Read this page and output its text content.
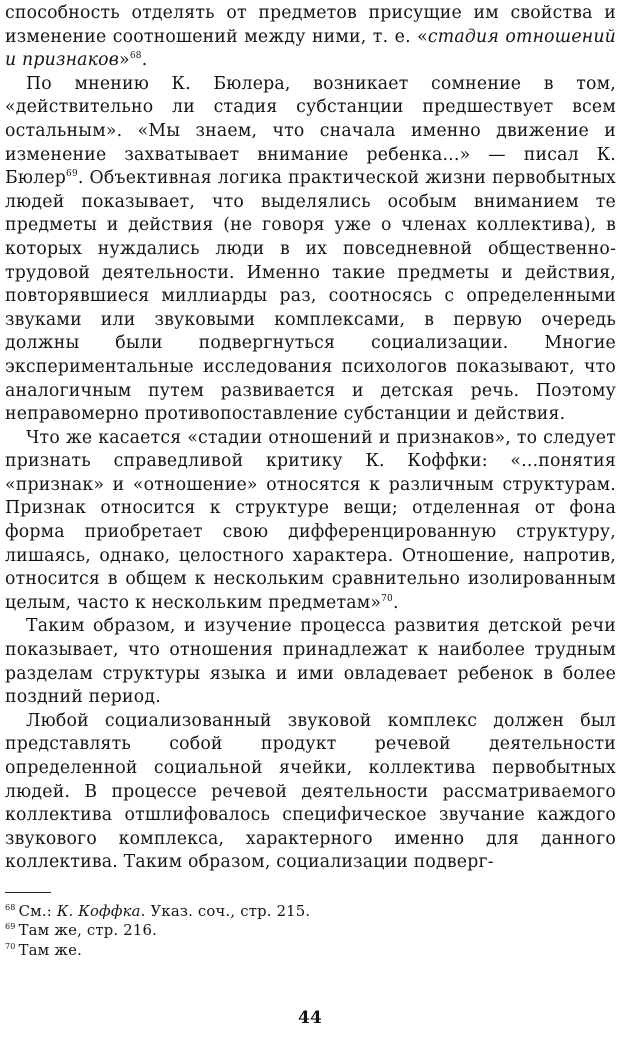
способность отделять от предметов присущие им свойства и изменение соотношений между ними, т. е. «стадия отношений и признаков»$^{68}$.

По мнению К. Бюлера, возникает сомнение в том, «действительно ли стадия субстанции предшествует всем остальным». «Мы знаем, что сначала именно движение и изменение захватывает внимание ребенка...» — писал К. Бюлер$^{69}$. Объективная логика практической жизни первобытных людей показывает, что выделялись особым вниманием те предметы и действия (не говоря уже о членах коллектива), в которых нуждались люди в их повседневной общественно-трудовой деятельности. Именно такие предметы и действия, повторявшиеся миллиарды раз, соотносясь с определенными звуками или звуковыми комплексами, в первую очередь должны были подвергнуться социализации. Многие экспериментальные исследования психологов показывают, что аналогичным путем развивается и детская речь. Поэтому неправомерно противопоставление субстанции и действия.

Что же касается «стадии отношений и признаков», то следует признать справедливой критику К. Коффки: «...понятия «признак» и «отношение» относятся к различным структурам. Признак относится к структуре вещи; отделенная от фона форма приобретает свою дифференцированную структуру, лишаясь, однако, целостного характера. Отношение, напротив, относится в общем к нескольким сравнительно изолированным целым, часто к нескольким предметам»$^{70}$.

Таким образом, и изучение процесса развития детской речи показывает, что отношения принадлежат к наиболее трудным разделам структуры языка и ими овладевает ребенок в более поздний период.

Любой социализованный звуковой комплекс должен был представлять собой продукт речевой деятельности определенной социальной ячейки, коллектива первобытных людей. В процессе речевой деятельности рассматриваемого коллектива отшлифовалось специфическое звучание каждого звукового комплекса, характерного именно для данного коллектива. Таким образом, социализации подверг-

$^{68}$ См.: К. Коффка. Указ. соч., стр. 215.

$^{69}$ Там же, стр. 216.

$^{70}$ Там же.

44
